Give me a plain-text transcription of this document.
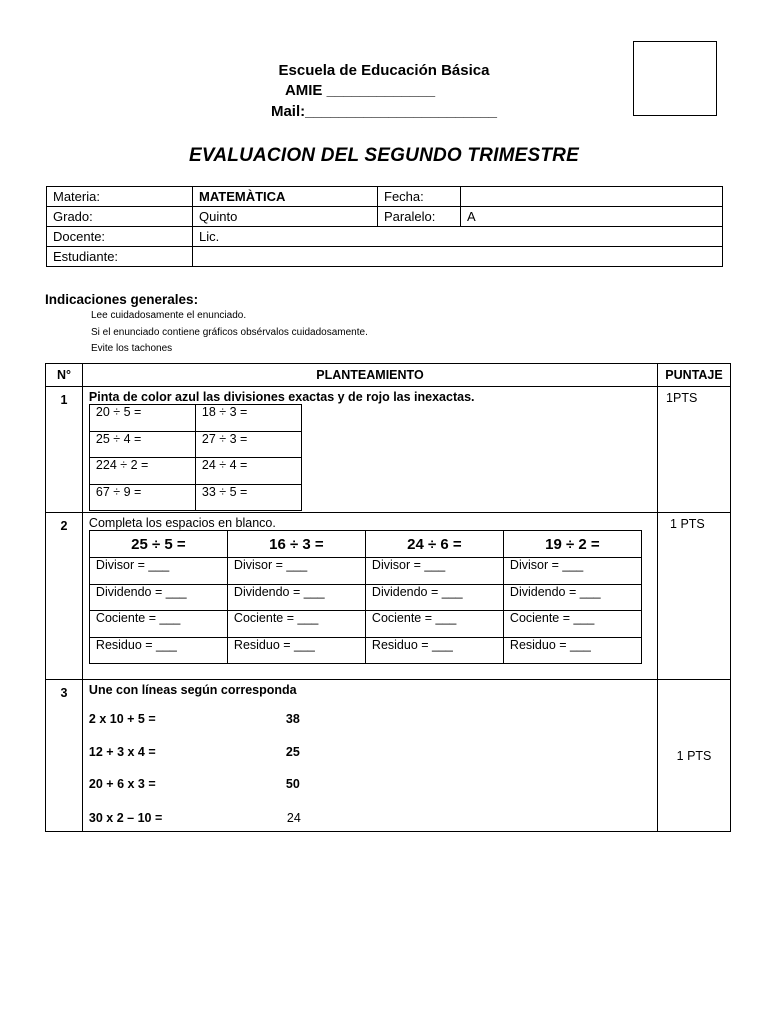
Escuela de Educación Básica
AMIE _____________
Mail:_______________________
EVALUACION DEL SEGUNDO TRIMESTRE
Materia:	MATEMÀTICA	Fecha:	
Grado:	Quinto	Paralelo:	A
Docente:	Lic.		
Estudiante:			
Indicaciones generales:
Lee cuidadosamente el enunciado.
Si el enunciado contiene gráficos obsérvalos cuidadosamente.
Evite los tachones
N°	PLANTEAMIENTO	PUNTAJE
1	Pinta de color azul las divisiones exactas y de rojo las inexactas.
20 ÷ 5 =	18 ÷ 3 =
25 ÷ 4 =	27 ÷ 3 =
224 ÷ 2 =	24 ÷ 4 =
67 ÷ 9 =	33 ÷ 5 =
	1PTS
2	Completa los espacios en blanco.
25 ÷ 5 =	16 ÷ 3 =	24 ÷ 6 =	19 ÷ 2 =
Divisor = ___	Divisor = ___	Divisor = ___	Divisor = ___
Dividendo = ___	Dividendo = ___	Dividendo = ___	Dividendo = ___
Cociente = ___	Cociente = ___	Cociente = ___	Cociente = ___
Residuo = ___	Residuo = ___	Residuo = ___	Residuo = ___
	1 PTS
3	Une con líneas según corresponda
2 x 10 + 5 =	38
12 + 3 x 4 =	25
20 + 6 x 3 =	50
30 x 2 – 10 =	24
	1 PTS
